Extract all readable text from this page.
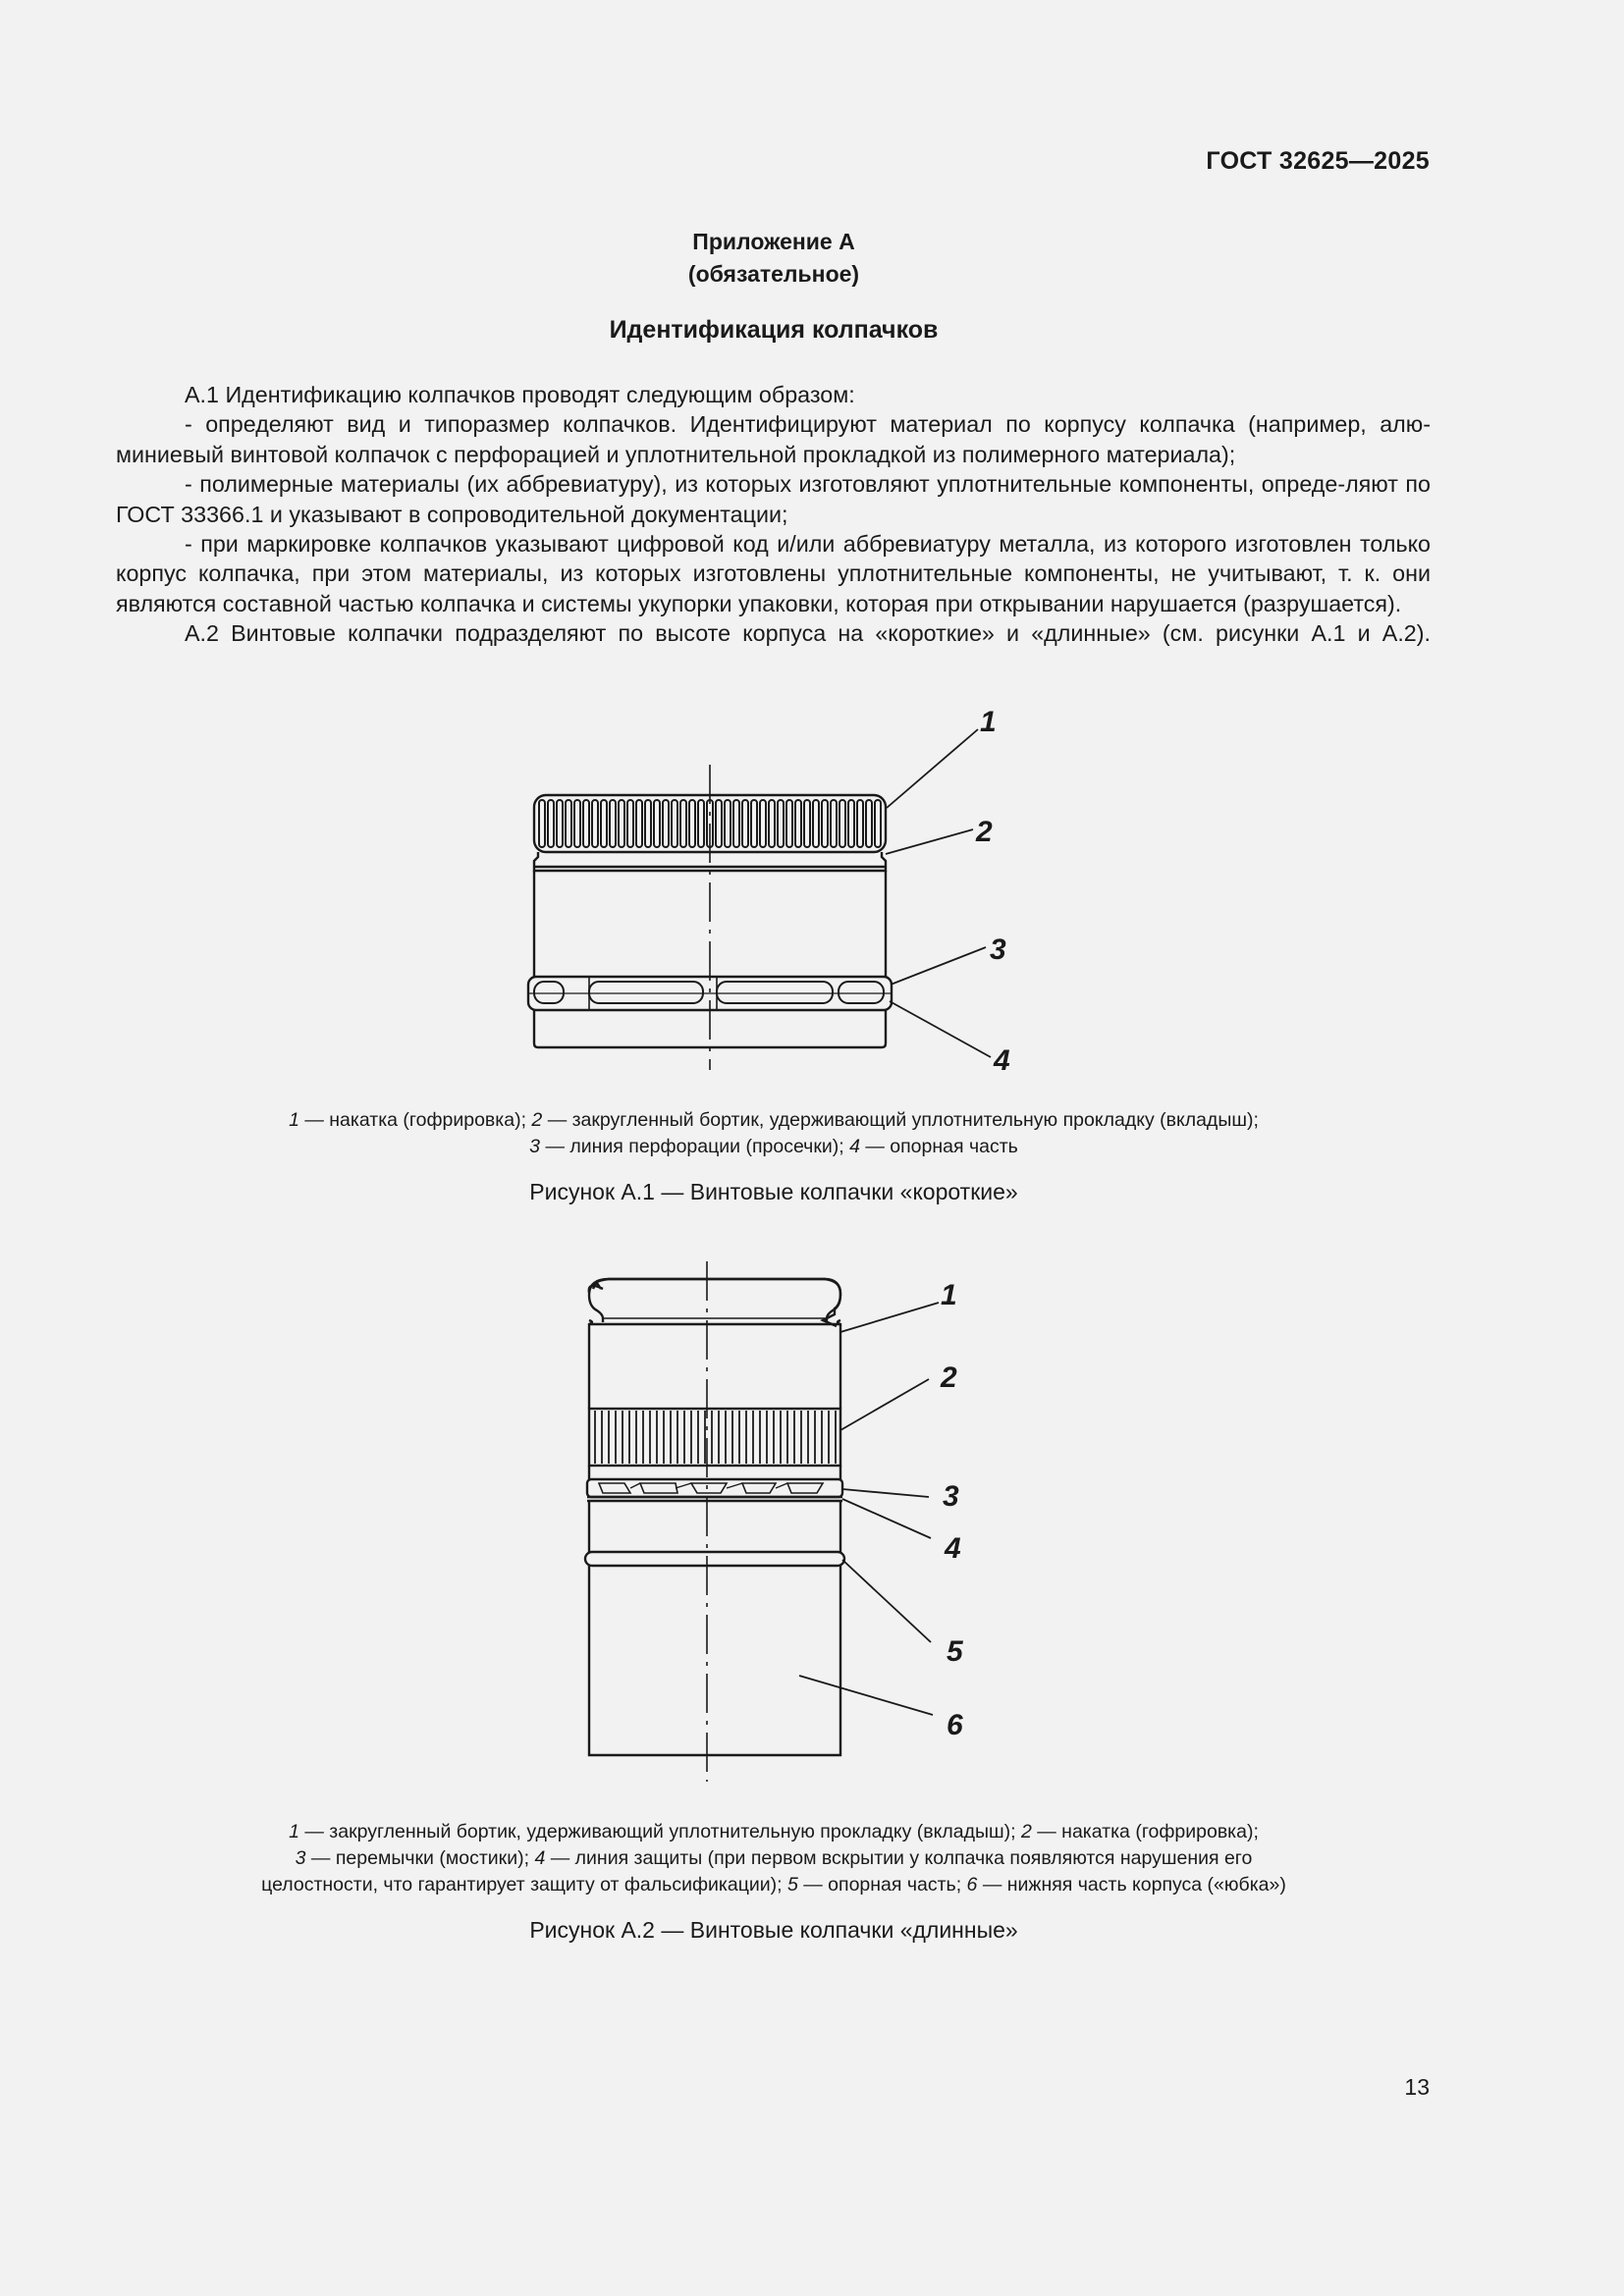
ГОСТ 32625—2025
Приложение А
(обязательное)
Идентификация колпачков

А.1 Идентификацию колпачков проводят следующим образом:

- определяют вид и типоразмер колпачков. Идентифицируют материал по корпусу колпачка (например, алю-миниевый винтовой колпачок с перфорацией и уплотнительной прокладкой из полимерного материала);

- полимерные материалы (их аббревиатуру), из которых изготовляют уплотнительные компоненты, опреде-ляют по ГОСТ 33366.1 и указывают в сопроводительной документации;

- при маркировке колпачков указывают цифровой код и/или аббревиатуру металла, из которого изготовлен только корпус колпачка, при этом материалы, из которых изготовлены уплотнительные компоненты, не учитывают, т. к. они являются составной частью колпачка и системы укупорки упаковки, которая при открывании нарушается (разрушается).

А.2 Винтовые колпачки подразделяют по высоте корпуса на «короткие» и «длинные» (см. рисунки А.1 и А.2).

1
2
3
4
1 — накатка (гофрировка); 2 — закругленный бортик, удерживающий уплотнительную прокладку (вкладыш);
3 — линия перфорации (просечки); 4 — опорная часть
Рисунок А.1 — Винтовые колпачки «короткие»
1
2
3
4
5
6
1 — закругленный бортик, удерживающий уплотнительную прокладку (вкладыш); 2 — накатка (гофрировка);
3 — перемычки (мостики); 4 — линия защиты (при первом вскрытии у колпачка появляются нарушения его
целостности, что гарантирует защиту от фальсификации); 5 — опорная часть; 6 — нижняя часть корпуса («юбка»)
Рисунок А.2 — Винтовые колпачки «длинные»
13
